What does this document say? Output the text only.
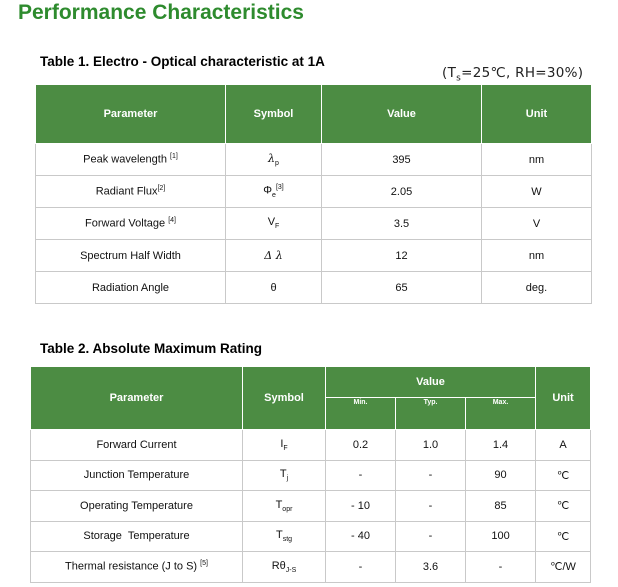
Performance Characteristics
Table 1. Electro - Optical characteristic at 1A
($T_s=25℃$, RH=30%)
Parameter	Symbol	Value	Unit
Peak wavelength [1]	$\lambda_p$	395	nm
Radiant Flux[2]	$\Phi_e[3]$	2.05	W
Forward Voltage [4]	$V_F$	3.5	V
Spectrum Half Width	Δ λ	12	nm
Radiation Angle	θ	65	deg.
Table 2. Absolute Maximum Rating
Parameter	Symbol	Value			Unit
		Min.	Typ.	Max.	
Forward Current	$I_F$	0.2	1.0	1.4	A
Junction Temperature	$T_j$	-	-	90	℃
Operating Temperature	$T_{opr}$	- 10	-	85	℃
Storage  Temperature	$T_{stg}$	- 40	-	100	℃
Thermal resistance (J to S) [5]	$R\theta_{J-S}$	-	3.6	-	℃/W
